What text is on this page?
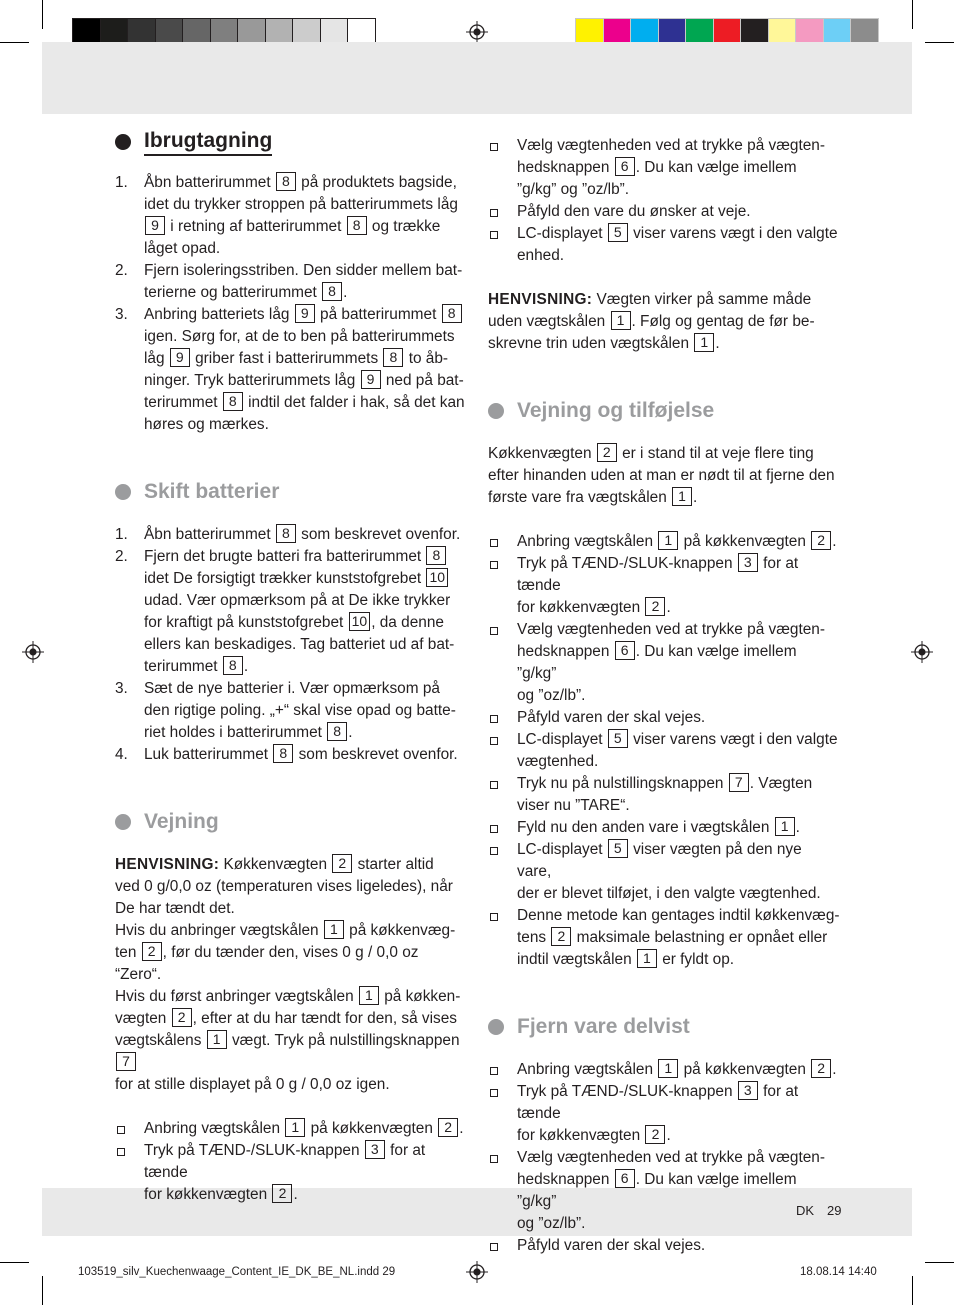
Ibrugtagning
1. Åbn batterirummet 8 på produktets bagside,
idet du trykker stroppen på batterirummets låg
9 i retning af batterirummet 8 og trække
låget opad.
2. Fjern isoleringsstriben. Den sidder mellem bat-
terierne og batterirummet 8 .
3. Anbring batteriets låg 9 på batterirummet 8
igen. Sørg for, at de to ben på batterirummets
låg 9 griber fast i batterirummets 8 to åb-
ninger. Tryk batterirummets låg 9 ned på bat-
terirummet 8 indtil det falder i hak, så det kan
høres og mærkes.
Skift batterier
1. Åbn batterirummet 8 som beskrevet ovenfor.
2. Fjern det brugte batteri fra batterirummet 8
idet De forsigtigt trækker kunststofgrebet 10
udad. Vær opmærksom på at De ikke trykker
for kraftigt på kunststofgrebet 10 , da denne
ellers kan beskadiges. Tag batteriet ud af bat-
terirummet 8 .
3. Sæt de nye batterier i. Vær opmærksom på
den rigtige poling. „+“ skal vise opad og batte-
riet holdes i batterirummet 8 .
4. Luk batterirummet 8 som beskrevet ovenfor.
Vejning
HENVISNING: Køkkenvægten 2 starter altid
ved 0 g/0,0 oz (temperaturen vises ligeledes), når
De har tændt det.
Hvis du anbringer vægtskålen 1 på køkkenvæg-
ten 2 , før du tænder den, vises 0 g / 0,0 oz “Zero“.
Hvis du først anbringer vægtskålen 1 på køkken-
vægten 2 , efter at du har tændt for den, så vises
vægtskålens 1 vægt. Tryk på nulstillingsknappen 7
for at stille displayet på 0 g / 0,0 oz igen.
Anbring vægtskålen 1 på køkkenvægten 2 .
Tryk på TÆND-/SLUK-knappen 3 for at tænde
for køkkenvægten 2 .
Vælg vægtenheden ved at trykke på vægten-
hedsknappen 6 . Du kan vælge imellem
”g/kg” og ”oz/lb”.
Påfyld den vare du ønsker at veje.
LC-displayet 5 viser varens vægt i den valgte
enhed.
HENVISNING: Vægten virker på samme måde
uden vægtskålen 1 . Følg og gentag de før be-
skrevne trin uden vægtskålen 1 .
Vejning og tilføjelse
Køkkenvægten 2 er i stand til at veje flere ting
efter hinanden uden at man er nødt til at fjerne den
første vare fra vægtskålen 1 .
Anbring vægtskålen 1 på køkkenvægten 2 .
Tryk på TÆND-/SLUK-knappen 3 for at tænde
for køkkenvægten 2 .
Vælg vægtenheden ved at trykke på vægten-
hedsknappen 6 . Du kan vælge imellem ”g/kg”
og ”oz/lb”.
Påfyld varen der skal vejes.
LC-displayet 5 viser varens vægt i den valgte
vægtenhed.
Tryk nu på nulstillingsknappen 7 . Vægten
viser nu ”TARE“.
Fyld nu den anden vare i vægtskålen 1 .
LC-displayet 5 viser vægten på den nye vare,
der er blevet tilføjet, i den valgte vægtenhed.
Denne metode kan gentages indtil køkkenvæg-
tens 2 maksimale belastning er opnået eller
indtil vægtskålen 1 er fyldt op.
Fjern vare delvist
Anbring vægtskålen 1 på køkkenvægten 2 .
Tryk på TÆND-/SLUK-knappen 3 for at tænde
for køkkenvægten 2 .
Vælg vægtenheden ved at trykke på vægten-
hedsknappen 6 . Du kan vælge imellem ”g/kg”
og ”oz/lb”.
Påfyld varen der skal vejes.
DK 29
103519_silv_Kuechenwaage_Content_IE_DK_BE_NL.indd 29	18.08.14 14:40
